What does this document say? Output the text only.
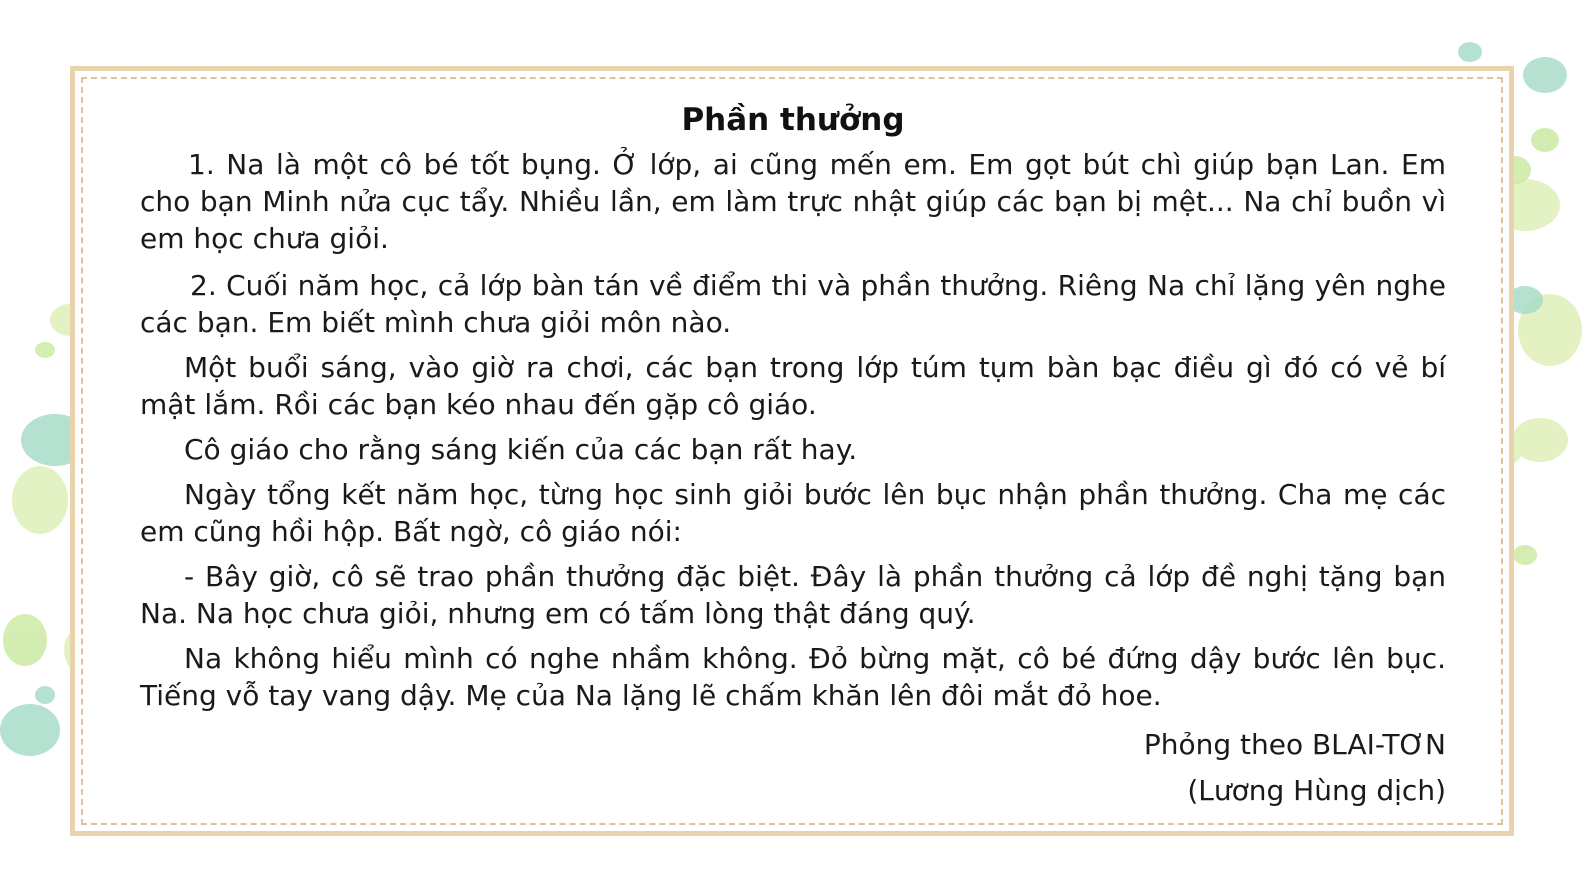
Phần thưởng

1. Na là một cô bé tốt bụng. Ở lớp, ai cũng mến em. Em gọt bút chì giúp bạn Lan. Em cho bạn Minh nửa cục tẩy. Nhiều lần, em làm trực nhật giúp các bạn bị mệt... Na chỉ buồn vì em học chưa giỏi.

2. Cuối năm học, cả lớp bàn tán về điểm thi và phần thưởng. Riêng Na chỉ lặng yên nghe các bạn. Em biết mình chưa giỏi môn nào.

Một buổi sáng, vào giờ ra chơi, các bạn trong lớp túm tụm bàn bạc điều gì đó có vẻ bí mật lắm. Rồi các bạn kéo nhau đến gặp cô giáo.

Cô giáo cho rằng sáng kiến của các bạn rất hay.

Ngày tổng kết năm học, từng học sinh giỏi bước lên bục nhận phần thưởng. Cha mẹ các em cũng hồi hộp. Bất ngờ, cô giáo nói:

- Bây giờ, cô sẽ trao phần thưởng đặc biệt. Đây là phần thưởng cả lớp đề nghị tặng bạn Na. Na học chưa giỏi, nhưng em có tấm lòng thật đáng quý.

Na không hiểu mình có nghe nhầm không. Đỏ bừng mặt, cô bé đứng dậy bước lên bục. Tiếng vỗ tay vang dậy. Mẹ của Na lặng lẽ chấm khăn lên đôi mắt đỏ hoe.

Phỏng theo BLAI-TƠN

(Lương Hùng dịch)
